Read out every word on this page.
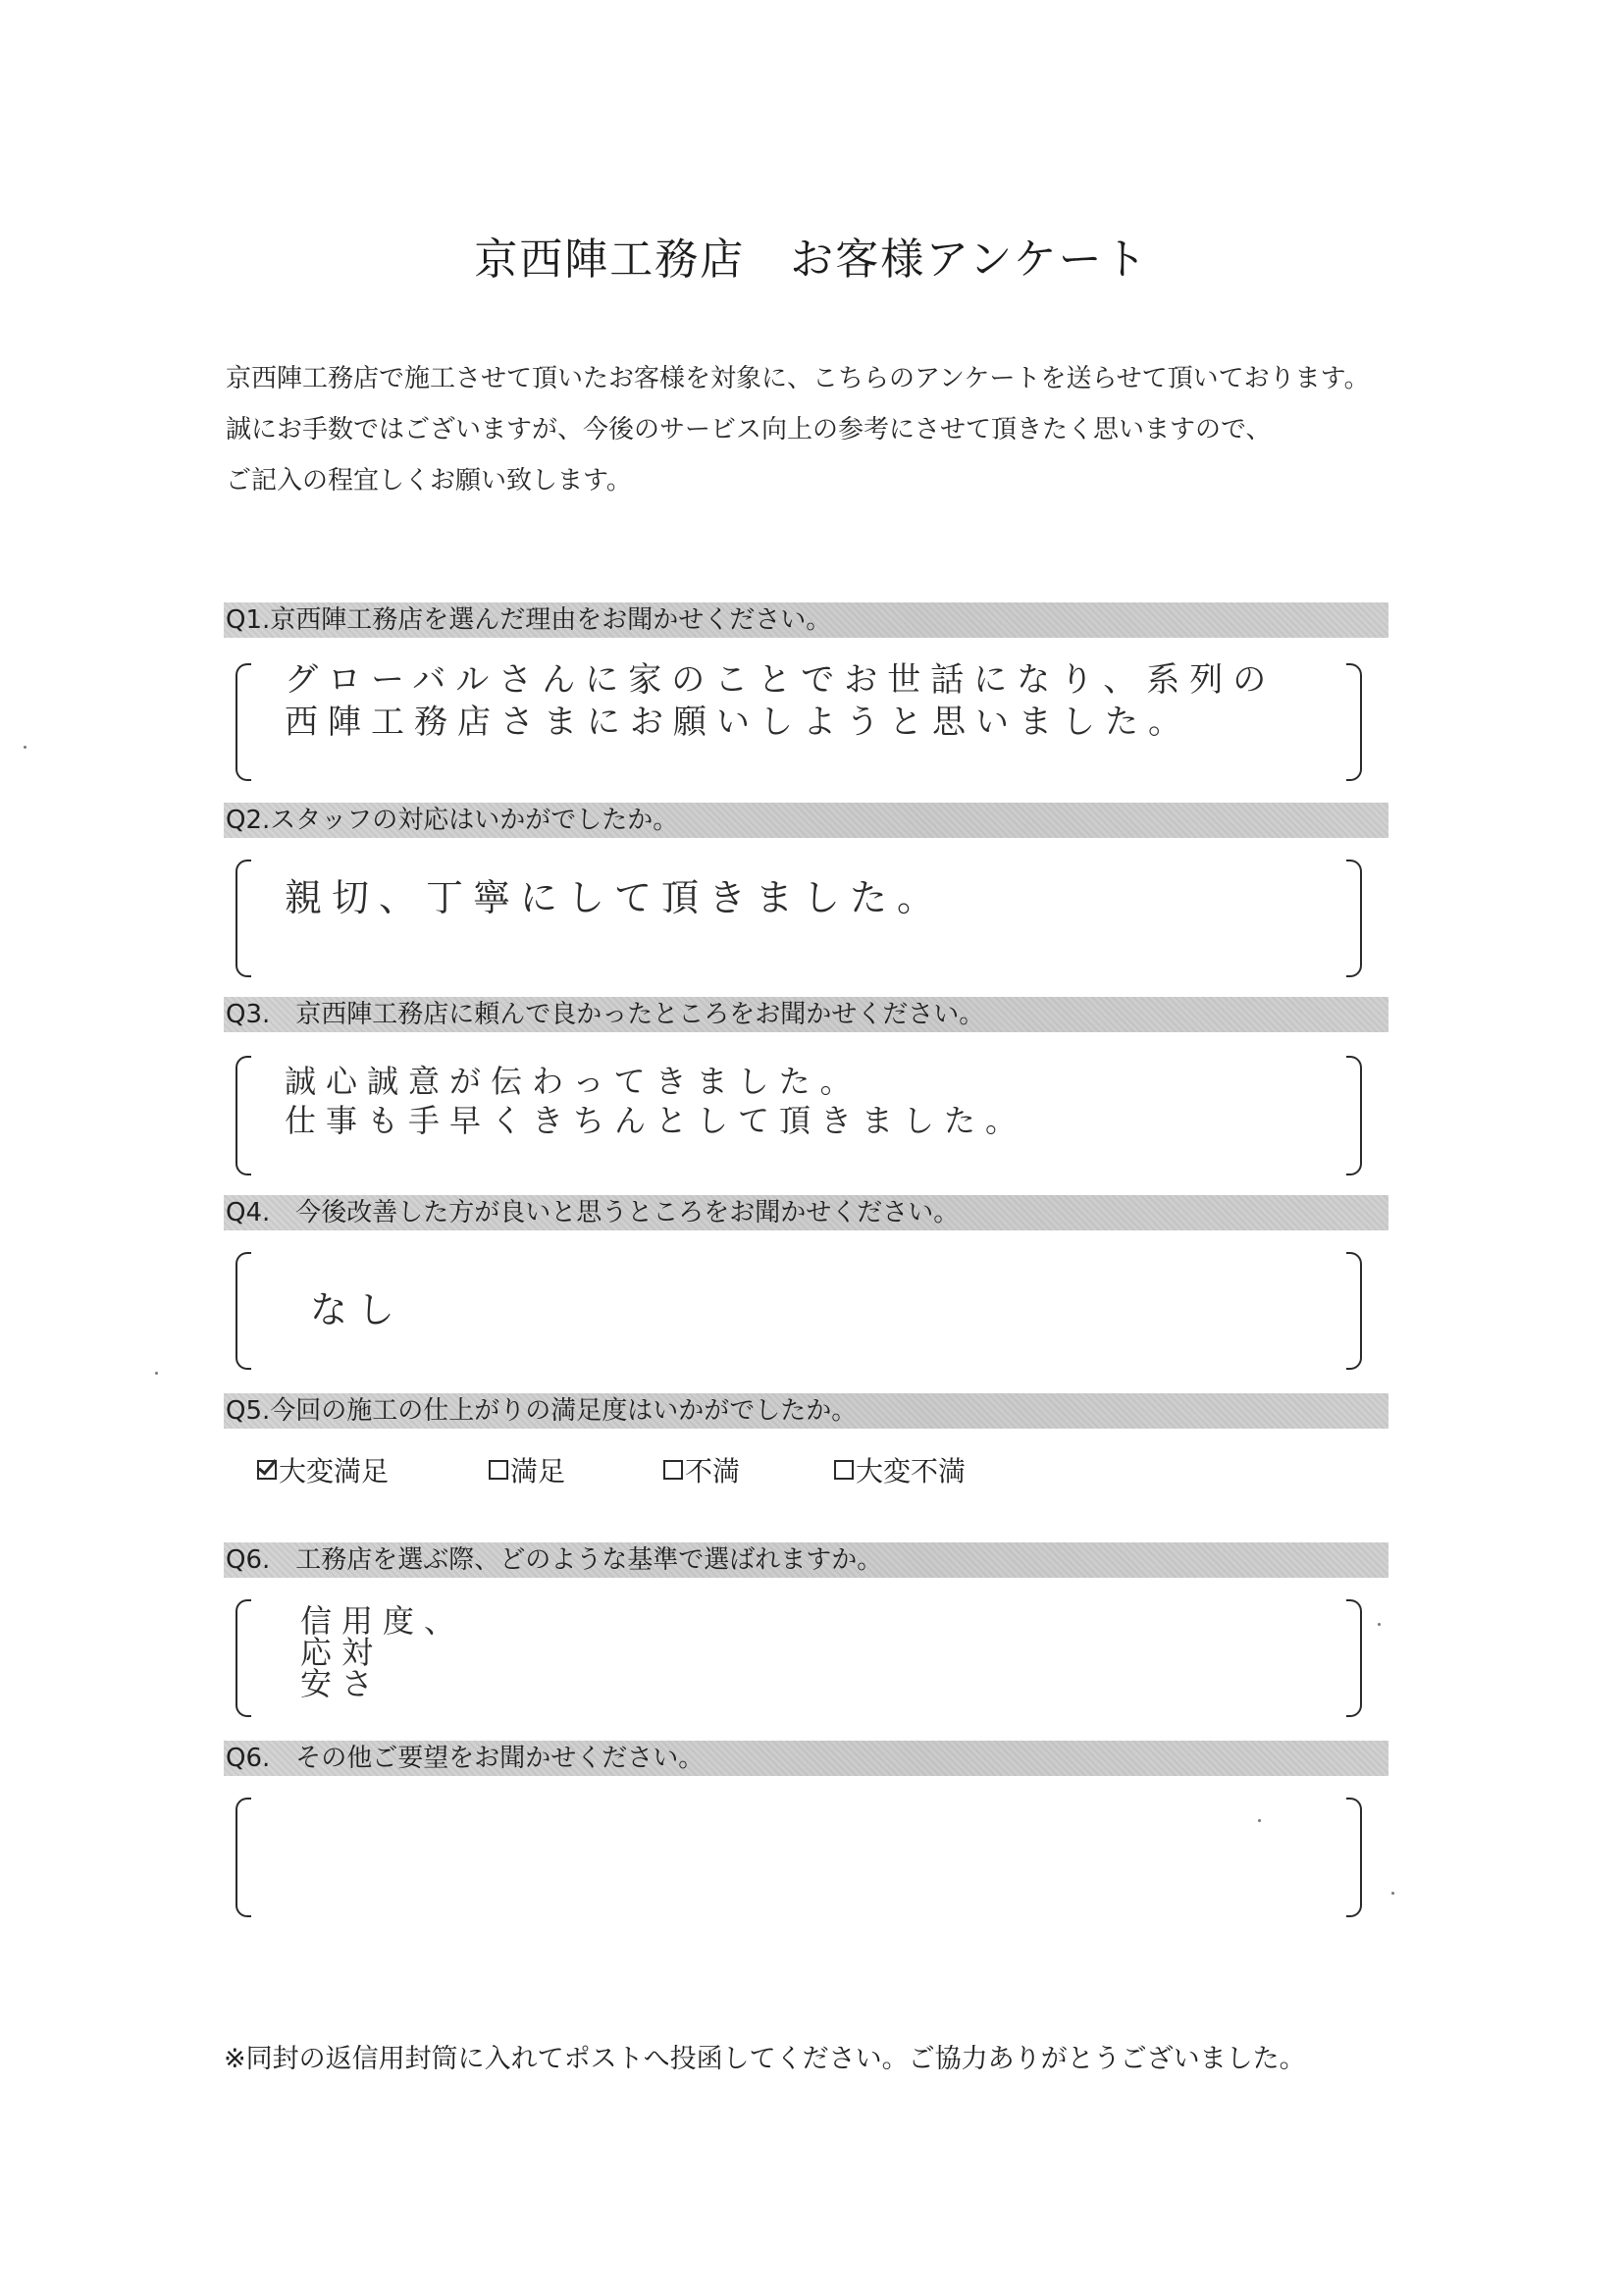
京西陣工務店　お客様アンケート
京西陣工務店で施工させて頂いたお客様を対象に、こちらのアンケートを送らせて頂いております。
誠にお手数ではございますが、今後のサービス向上の参考にさせて頂きたく思いますので、
ご記入の程宜しくお願い致します。
Q1.京西陣工務店を選んだ理由をお聞かせください。
グローバルさんに家のことでお世話になり、系列の
西陣工務店さまにお願いしようと思いました。
Q2.スタッフの対応はいかがでしたか。
親切、丁寧にして頂きました。
Q3.　京西陣工務店に頼んで良かったところをお聞かせください。
誠心誠意が伝わってきました。
仕事も手早くきちんとして頂きました。
Q4.　今後改善した方が良いと思うところをお聞かせください。
なし
Q5.今回の施工の仕上がりの満足度はいかがでしたか。
大変満足	満足	不満	大変不満
Q6.　工務店を選ぶ際、どのような基準で選ばれますか。
信用度、
応対
安さ
Q6.　その他ご要望をお聞かせください。
※同封の返信用封筒に入れてポストへ投函してください。ご協力ありがとうございました。
